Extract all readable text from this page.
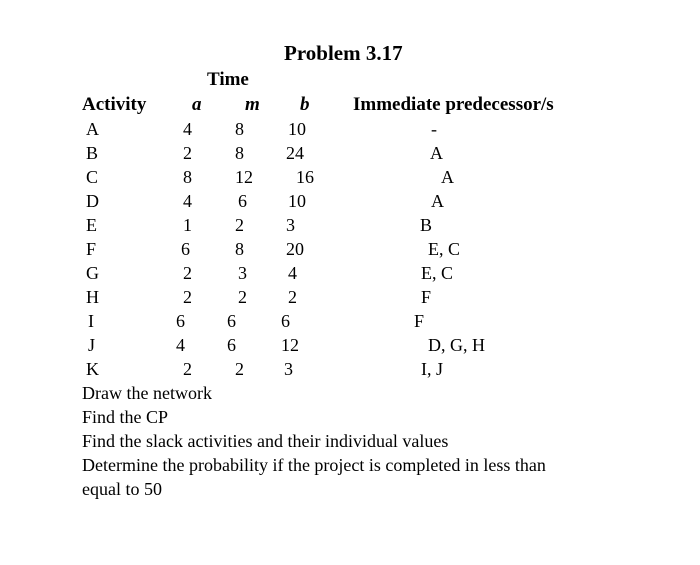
Problem 3.17
Time
Activity a m b Immediate predecessor/s
A	4 8 10	-
B	2 8 24	A
C	8 12 16	A
D	4	6 10	A
E	1 2 3	B
F	6	8 20	E, C
G	2	3 4	E, C
H	2	2 2	F
I	6 6	6	F
J	4 6	12	D, G, H
K	2 2 3	I, J
Draw the network
Find the CP
Find the slack activities and their individual values
Determine the probability if the project is completed in less than
equal to 50
